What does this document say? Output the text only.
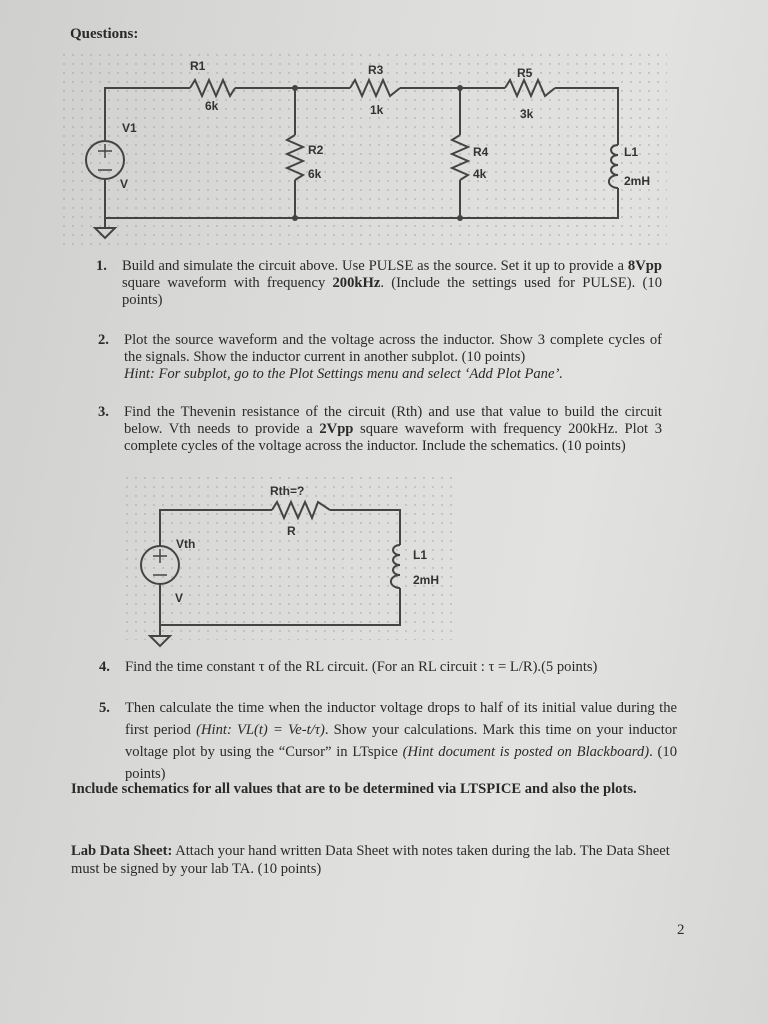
Questions:
V1
V
R1
6k
R3
1k
R5
3k
R2
6k
R4
4k
L1
2mH
Rth=?
R
Vth
V
L1
2mH
1. Build and simulate the circuit above. Use PULSE as the source. Set it up to provide a 8Vpp square waveform with frequency 200kHz. (Include the settings used for PULSE). (10 points)
2. Plot the source waveform and the voltage across the inductor. Show 3 complete cycles of the signals. Show the inductor current in another subplot. (10 points)
Hint: For subplot, go to the Plot Settings menu and select ‘Add Plot Pane’.
3. Find the Thevenin resistance of the circuit (Rth) and use that value to build the circuit below. Vth needs to provide a 2Vpp square waveform with frequency 200kHz. Plot 3 complete cycles of the voltage across the inductor. Include the schematics. (10 points)
4. Find the time constant τ of the RL circuit. (For an RL circuit : τ = L/R).(5 points)
5. Then calculate the time when the inductor voltage drops to half of its initial value during the first period (Hint: VL(t) = Ve-t/τ). Show your calculations. Mark this time on your inductor voltage plot by using the “Cursor” in LTspice (Hint document is posted on Blackboard). (10 points)
Include schematics for all values that are to be determined via LTSPICE and also the plots.
Lab Data Sheet: Attach your hand written Data Sheet with notes taken during the lab. The Data Sheet must be signed by your lab TA. (10 points)
2
